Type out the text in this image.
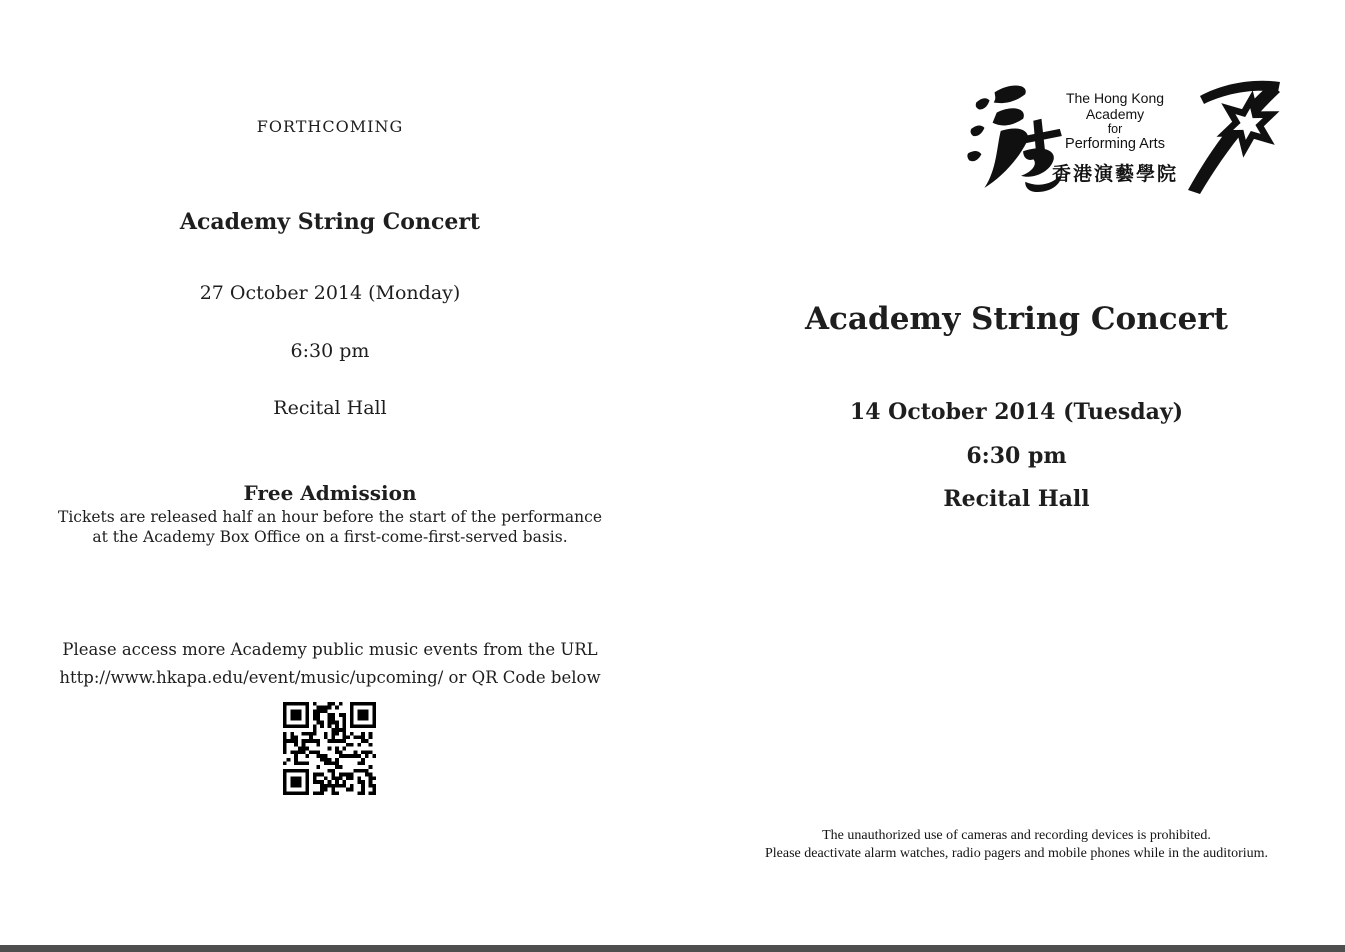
FORTHCOMING
Academy String Concert
27 October 2014 (Monday)
6:30 pm
Recital Hall
Free Admission
Tickets are released half an hour before the start of the performance
at the Academy Box Office on a first-come-first-served basis.
Please access more Academy public music events from the URL
http://www.hkapa.edu/event/music/upcoming/ or QR Code below
The Hong Kong Academy
for
Performing Arts
香港演藝學院
Academy String Concert
14 October 2014 (Tuesday)
6:30 pm
Recital Hall
The unauthorized use of cameras and recording devices is prohibited.
Please deactivate alarm watches, radio pagers and mobile phones while in the auditorium.
